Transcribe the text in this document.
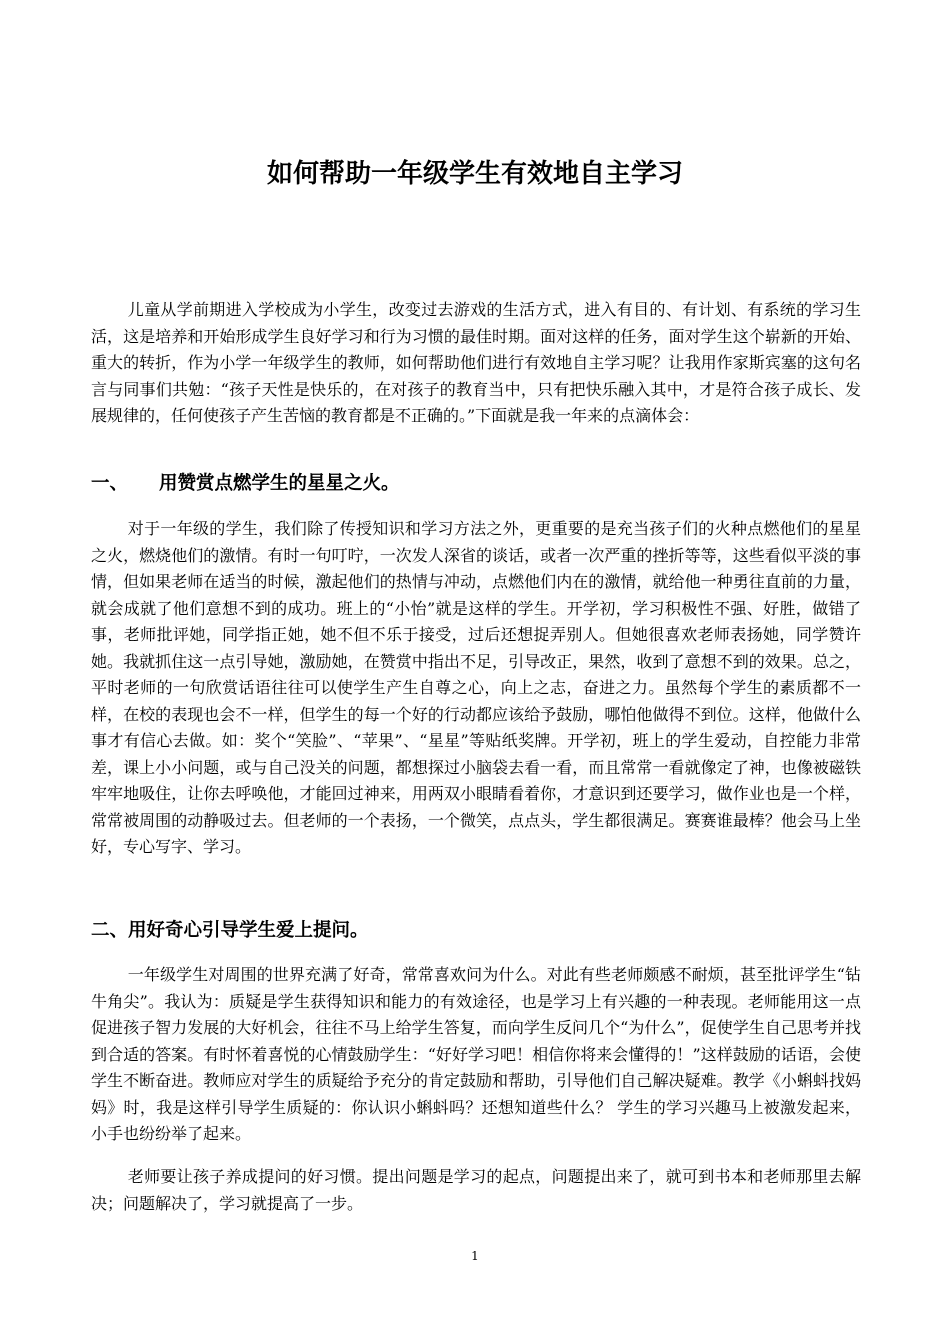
如何帮助一年级学生有效地自主学习

儿童从学前期进入学校成为小学生，改变过去游戏的生活方式，进入有目的、有计划、有系统的学习生活，这是培养和开始形成学生良好学习和行为习惯的最佳时期。面对这样的任务，面对学生这个崭新的开始、重大的转折，作为小学一年级学生的教师，如何帮助他们进行有效地自主学习呢？让我用作家斯宾塞的这句名言与同事们共勉：“孩子天性是快乐的，在对孩子的教育当中，只有把快乐融入其中，才是符合孩子成长、发展规律的，任何使孩子产生苦恼的教育都是不正确的。”下面就是我一年来的点滴体会：

一、 用赞赏点燃学生的星星之火。

对于一年级的学生，我们除了传授知识和学习方法之外，更重要的是充当孩子们的火种点燃他们的星星之火，燃烧他们的激情。有时一句叮咛，一次发人深省的谈话，或者一次严重的挫折等等，这些看似平淡的事情，但如果老师在适当的时候，激起他们的热情与冲动，点燃他们内在的激情，就给他一种勇往直前的力量，就会成就了他们意想不到的成功。班上的“小怡”就是这样的学生。开学初，学习积极性不强、好胜，做错了事，老师批评她，同学指正她，她不但不乐于接受，过后还想捉弄别人。但她很喜欢老师表扬她，同学赞许她。我就抓住这一点引导她，激励她，在赞赏中指出不足，引导改正，果然，收到了意想不到的效果。总之，平时老师的一句欣赏话语往往可以使学生产生自尊之心，向上之志，奋进之力。虽然每个学生的素质都不一样，在校的表现也会不一样，但学生的每一个好的行动都应该给予鼓励，哪怕他做得不到位。这样，他做什么事才有信心去做。如：奖个“笑脸”、“苹果”、“星星”等贴纸奖牌。开学初，班上的学生爱动，自控能力非常差，课上小小问题，或与自己没关的问题，都想探过小脑袋去看一看，而且常常一看就像定了神，也像被磁铁牢牢地吸住，让你去呼唤他，才能回过神来，用两双小眼睛看着你，才意识到还要学习，做作业也是一个样，常常被周围的动静吸过去。但老师的一个表扬，一个微笑，点点头，学生都很满足。赛赛谁最棒？他会马上坐好，专心写字、学习。

二、用好奇心引导学生爱上提问。

一年级学生对周围的世界充满了好奇，常常喜欢问为什么。对此有些老师颇感不耐烦，甚至批评学生“钻牛角尖”。我认为：质疑是学生获得知识和能力的有效途径，也是学习上有兴趣的一种表现。老师能用这一点促进孩子智力发展的大好机会，往往不马上给学生答复，而向学生反问几个“为什么”，促使学生自己思考并找到合适的答案。有时怀着喜悦的心情鼓励学生：“好好学习吧！相信你将来会懂得的！”这样鼓励的话语，会使学生不断奋进。教师应对学生的质疑给予充分的肯定鼓励和帮助，引导他们自己解决疑难。教学《小蝌蚪找妈妈》时，我是这样引导学生质疑的：你认识小蝌蚪吗？还想知道些什么？ 学生的学习兴趣马上被激发起来，小手也纷纷举了起来。

老师要让孩子养成提问的好习惯。提出问题是学习的起点，问题提出来了，就可到书本和老师那里去解决；问题解决了，学习就提高了一步。

1
